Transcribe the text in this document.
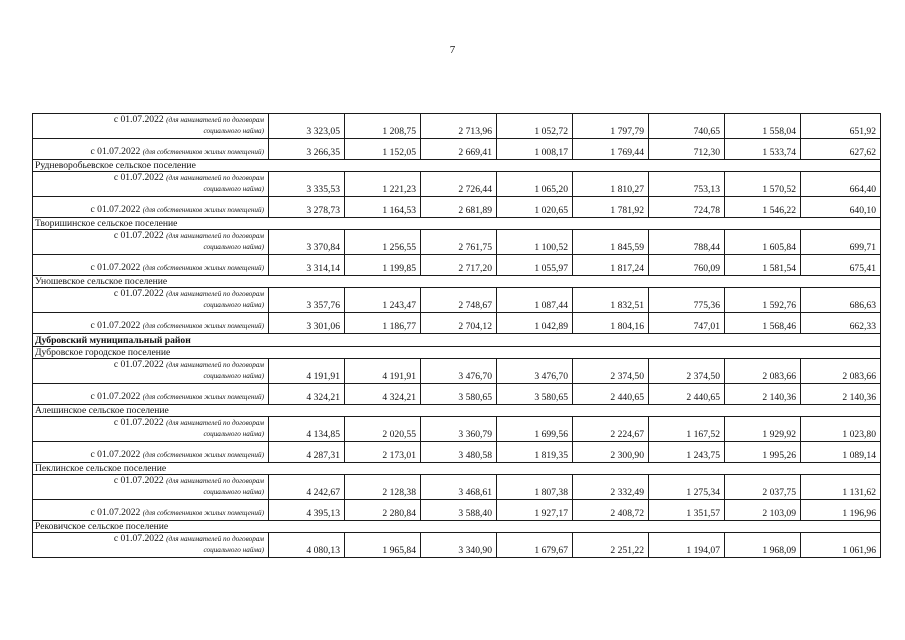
7
с 01.07.2022 (для нанимателей по договорам
социального найма)	3 323,05	1 208,75	2 713,96	1 052,72	1 797,79	740,65	1 558,04	651,92
с 01.07.2022 (для собственников жилых помещений)	3 266,35	1 152,05	2 669,41	1 008,17	1 769,44	712,30	1 533,74	627,62
Рудневоробьевское сельское поселение								

с 01.07.2022 (для нанимателей по договорам
социального найма)	3 335,53	1 221,23	2 726,44	1 065,20	1 810,27	753,13	1 570,52	664,40
с 01.07.2022 (для собственников жилых помещений)	3 278,73	1 164,53	2 681,89	1 020,65	1 781,92	724,78	1 546,22	640,10
Творишинское сельское поселение								

с 01.07.2022 (для нанимателей по договорам
социального найма)	3 370,84	1 256,55	2 761,75	1 100,52	1 845,59	788,44	1 605,84	699,71
с 01.07.2022 (для собственников жилых помещений)	3 314,14	1 199,85	2 717,20	1 055,97	1 817,24	760,09	1 581,54	675,41
Уношевское сельское поселение								

с 01.07.2022 (для нанимателей по договорам
социального найма)	3 357,76	1 243,47	2 748,67	1 087,44	1 832,51	775,36	1 592,76	686,63
с 01.07.2022 (для собственников жилых помещений)	3 301,06	1 186,77	2 704,12	1 042,89	1 804,16	747,01	1 568,46	662,33
Дубровский муниципальный район								
Дубровское городское поселение								

с 01.07.2022 (для нанимателей по договорам
социального найма)	4 191,91	4 191,91	3 476,70	3 476,70	2 374,50	2 374,50	2 083,66	2 083,66
с 01.07.2022 (для собственников жилых помещений)	4 324,21	4 324,21	3 580,65	3 580,65	2 440,65	2 440,65	2 140,36	2 140,36
Алешинское сельское поселение								

с 01.07.2022 (для нанимателей по договорам
социального найма)	4 134,85	2 020,55	3 360,79	1 699,56	2 224,67	1 167,52	1 929,92	1 023,80
с 01.07.2022 (для собственников жилых помещений)	4 287,31	2 173,01	3 480,58	1 819,35	2 300,90	1 243,75	1 995,26	1 089,14
Пеклинское сельское поселение								

с 01.07.2022 (для нанимателей по договорам
социального найма)	4 242,67	2 128,38	3 468,61	1 807,38	2 332,49	1 275,34	2 037,75	1 131,62
с 01.07.2022 (для собственников жилых помещений)	4 395,13	2 280,84	3 588,40	1 927,17	2 408,72	1 351,57	2 103,09	1 196,96
Рековичское сельское поселение								

с 01.07.2022 (для нанимателей по договорам
социального найма)	4 080,13	1 965,84	3 340,90	1 679,67	2 251,22	1 194,07	1 968,09	1 061,96
